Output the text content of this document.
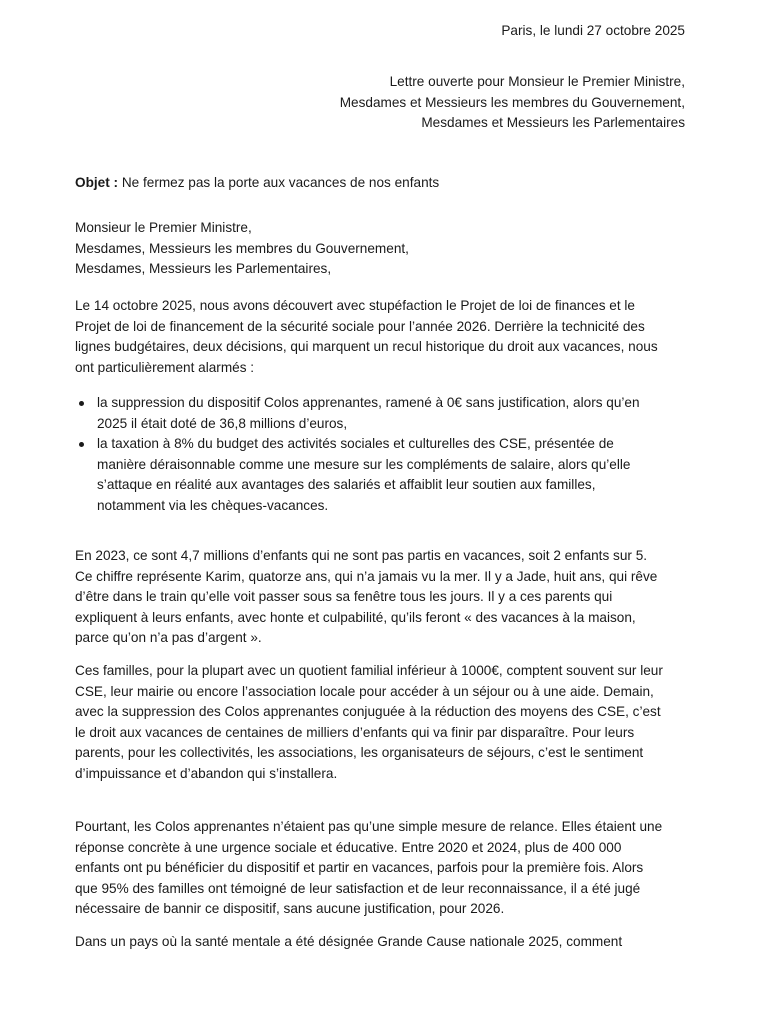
Paris, le lundi 27 octobre 2025
Lettre ouverte pour Monsieur le Premier Ministre,
Mesdames et Messieurs les membres du Gouvernement,
Mesdames et Messieurs les Parlementaires
Objet : Ne fermez pas la porte aux vacances de nos enfants
Monsieur le Premier Ministre,
Mesdames, Messieurs les membres du Gouvernement,
Mesdames, Messieurs les Parlementaires,
Le 14 octobre 2025, nous avons découvert avec stupéfaction le Projet de loi de finances et le
Projet de loi de financement de la sécurité sociale pour l’année 2026. Derrière la technicité des
lignes budgétaires, deux décisions, qui marquent un recul historique du droit aux vacances, nous
ont particulièrement alarmés :
la suppression du dispositif Colos apprenantes, ramené à 0€ sans justification, alors qu’en
2025 il était doté de 36,8 millions d’euros,
la taxation à 8% du budget des activités sociales et culturelles des CSE, présentée de
manière déraisonnable comme une mesure sur les compléments de salaire, alors qu’elle
s’attaque en réalité aux avantages des salariés et affaiblit leur soutien aux familles,
notamment via les chèques-vacances.
En 2023, ce sont 4,7 millions d’enfants qui ne sont pas partis en vacances, soit 2 enfants sur 5.
Ce chiffre représente Karim, quatorze ans, qui n’a jamais vu la mer. Il y a Jade, huit ans, qui rêve
d’être dans le train qu’elle voit passer sous sa fenêtre tous les jours. Il y a ces parents qui
expliquent à leurs enfants, avec honte et culpabilité, qu’ils feront « des vacances à la maison,
parce qu’on n’a pas d’argent ».
Ces familles, pour la plupart avec un quotient familial inférieur à 1000€, comptent souvent sur leur
CSE, leur mairie ou encore l’association locale pour accéder à un séjour ou à une aide. Demain,
avec la suppression des Colos apprenantes conjuguée à la réduction des moyens des CSE, c’est
le droit aux vacances de centaines de milliers d’enfants qui va finir par disparaître. Pour leurs
parents, pour les collectivités, les associations, les organisateurs de séjours, c’est le sentiment
d’impuissance et d’abandon qui s’installera.
Pourtant, les Colos apprenantes n’étaient pas qu’une simple mesure de relance. Elles étaient une
réponse concrète à une urgence sociale et éducative. Entre 2020 et 2024, plus de 400 000
enfants ont pu bénéficier du dispositif et partir en vacances, parfois pour la première fois. Alors
que 95% des familles ont témoigné de leur satisfaction et de leur reconnaissance, il a été jugé
nécessaire de bannir ce dispositif, sans aucune justification, pour 2026.
Dans un pays où la santé mentale a été désignée Grande Cause nationale 2025, comment
